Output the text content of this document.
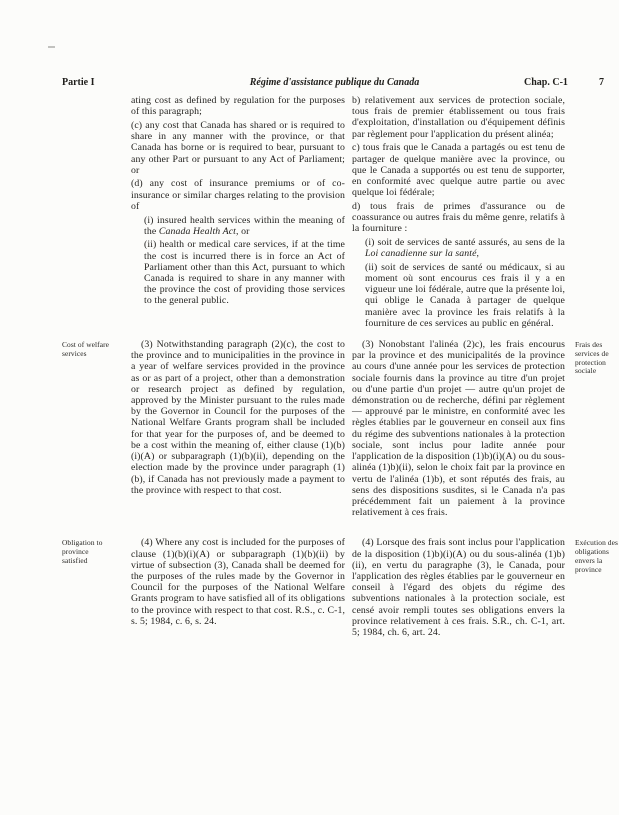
Partie I	Régime d'assistance publique du Canada	Chap. C-1	7

ating cost as defined by regulation for the purposes of this paragraph;

(c) any cost that Canada has shared or is required to share in any manner with the province, or that Canada has borne or is required to bear, pursuant to any other Part or pursuant to any Act of Parliament; or

(d) any cost of insurance premiums or of co-insurance or similar charges relating to the provision of

(i) insured health services within the meaning of the Canada Health Act, or

(ii) health or medical care services, if at the time the cost is incurred there is in force an Act of Parliament other than this Act, pursuant to which Canada is required to share in any manner with the province the cost of providing those services to the general public.

b) relativement aux services de protection sociale, tous frais de premier établissement ou tous frais d'exploitation, d'installation ou d'équipement définis par règlement pour l'application du présent alinéa;

c) tous frais que le Canada a partagés ou est tenu de partager de quelque manière avec la province, ou que le Canada a supportés ou est tenu de supporter, en conformité avec quelque autre partie ou avec quelque loi fédérale;

d) tous frais de primes d'assurance ou de coassurance ou autres frais du même genre, relatifs à la fourniture :

(i) soit de services de santé assurés, au sens de la Loi canadienne sur la santé,

(ii) soit de services de santé ou médicaux, si au moment où sont encourus ces frais il y a en vigueur une loi fédérale, autre que la présente loi, qui oblige le Canada à partager de quelque manière avec la province les frais relatifs à la fourniture de ces services au public en général.

Cost of welfare services

(3) Notwithstanding paragraph (2)(c), the cost to the province and to municipalities in the province in a year of welfare services provided in the province as or as part of a project, other than a demonstration or research project as defined by regulation, approved by the Minister pursuant to the rules made by the Governor in Council for the purposes of the National Welfare Grants program shall be included for that year for the purposes of, and be deemed to be a cost within the meaning of, either clause (1)(b)(i)(A) or subparagraph (1)(b)(ii), depending on the election made by the province under paragraph (1)(b), if Canada has not previously made a payment to the province with respect to that cost.

(3) Nonobstant l'alinéa (2)c), les frais encourus par la province et des municipalités de la province au cours d'une année pour les services de protection sociale fournis dans la province au titre d'un projet ou d'une partie d'un projet — autre qu'un projet de démonstration ou de recherche, défini par règlement — approuvé par le ministre, en conformité avec les règles établies par le gouverneur en conseil aux fins du régime des subventions nationales à la protection sociale, sont inclus pour ladite année pour l'application de la disposition (1)b)(i)(A) ou du sous-alinéa (1)b)(ii), selon le choix fait par la province en vertu de l'alinéa (1)b), et sont réputés des frais, au sens des dispositions susdites, si le Canada n'a pas précédemment fait un paiement à la province relativement à ces frais.

Frais des services de protection sociale
Obligation to province satisfied

(4) Where any cost is included for the purposes of clause (1)(b)(i)(A) or subparagraph (1)(b)(ii) by virtue of subsection (3), Canada shall be deemed for the purposes of the rules made by the Governor in Council for the purposes of the National Welfare Grants program to have satisfied all of its obligations to the province with respect to that cost. R.S., c. C-1, s. 5; 1984, c. 6, s. 24.

(4) Lorsque des frais sont inclus pour l'application de la disposition (1)b)(i)(A) ou du sous-alinéa (1)b)(ii), en vertu du paragraphe (3), le Canada, pour l'application des règles établies par le gouverneur en conseil à l'égard des objets du régime des subventions nationales à la protection sociale, est censé avoir rempli toutes ses obligations envers la province relativement à ces frais. S.R., ch. C-1, art. 5; 1984, ch. 6, art. 24.

Exécution des obligations envers la province
